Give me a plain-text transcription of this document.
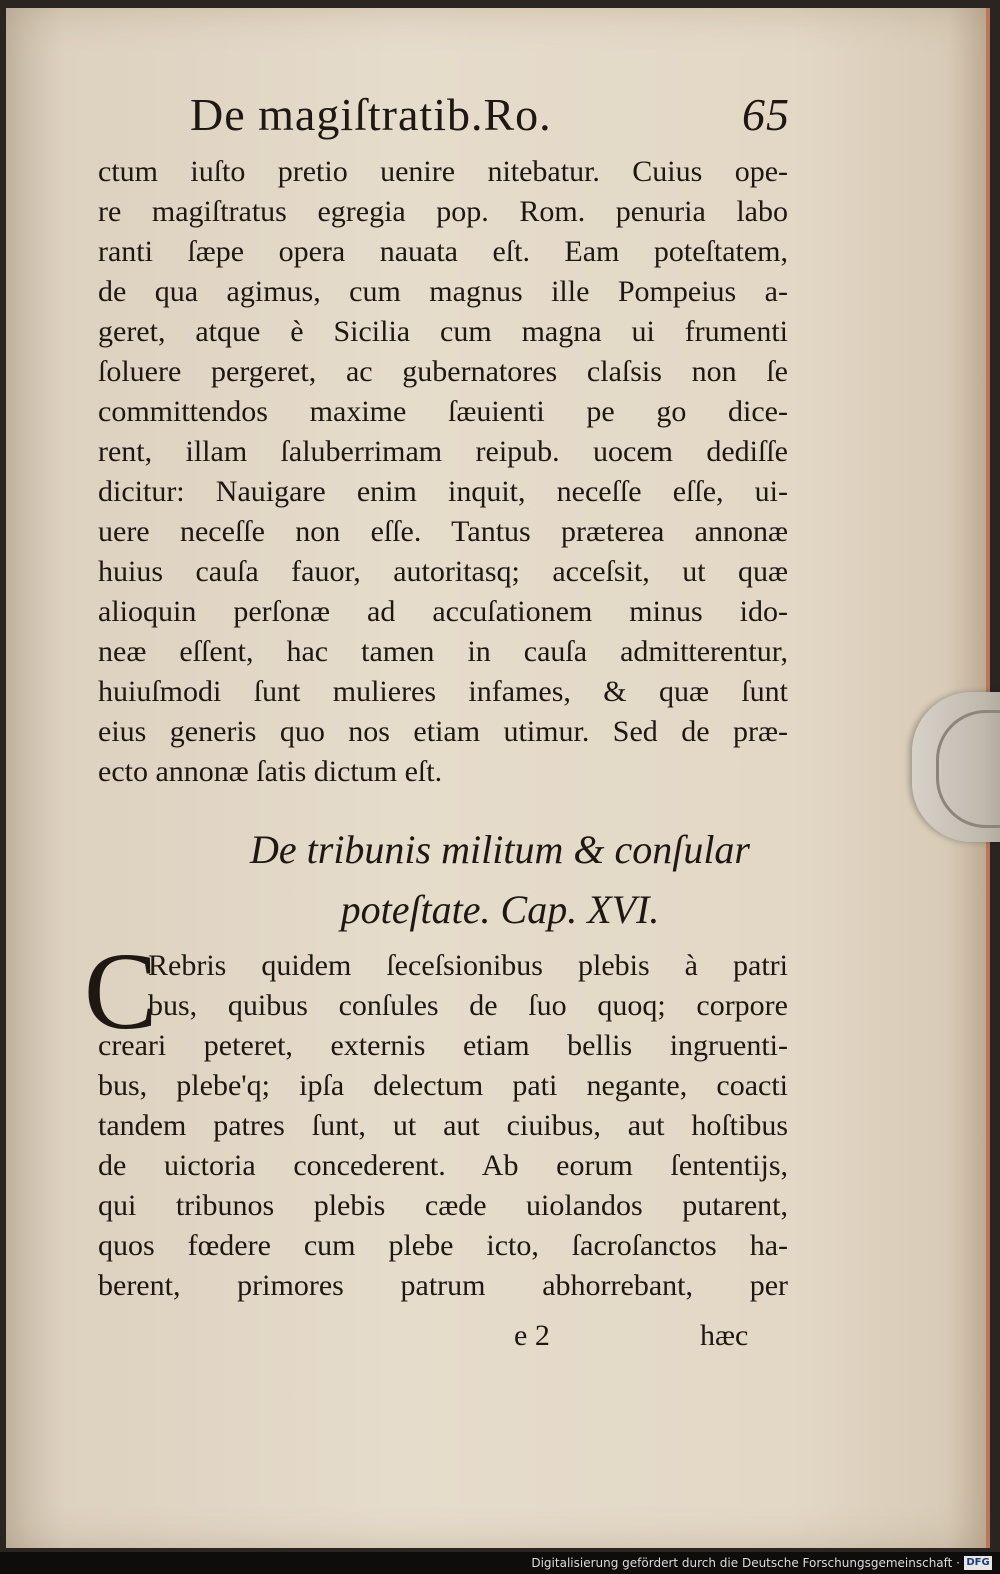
De magiſtratib.Ro.	65
ctum iuſto pretio uenire nitebatur. Cuius ope-
re magiſtratus egregia pop. Rom. penuria labo
ranti ſæpe opera nauata eſt. Eam poteſtatem,
de qua agimus, cum magnus ille Pompeius a-
geret, atque è Sicilia cum magna ui frumenti
ſoluere pergeret, ac gubernatores claſsis non ſe
committendos maxime ſæuienti pe go dice-
rent, illam ſaluberrimam reipub. uocem dediſſe
dicitur: Nauigare enim inquit, neceſſe eſſe, ui-
uere neceſſe non eſſe. Tantus præterea annonæ
huius cauſa fauor, autoritasq; acceſsit, ut quæ
alioquin perſonæ ad accuſationem minus ido-
neæ eſſent, hac tamen in cauſa admitterentur,
huiuſmodi ſunt mulieres infames, & quæ ſunt
eius generis quo nos etiam utimur. Sed de præ-
ecto annonæ ſatis dictum eſt.
De tribunis militum & conſular
poteſtate. Cap. XVI.
C
Rebris quidem ſeceſsionibus plebis à patri
bus, quibus conſules de ſuo quoq; corpore
creari peteret, externis etiam bellis ingruenti-
bus, plebe'q; ipſa delectum pati negante, coacti
tandem patres ſunt, ut aut ciuibus, aut hoſtibus
de uictoria concederent. Ab eorum ſententijs,
qui tribunos plebis cæde uiolandos putarent,
quos fœdere cum plebe icto, ſacroſanctos ha-
berent, primores patrum abhorrebant, per
e 2	hæc
Digitalisierung gefördert durch die Deutsche Forschungsgemeinschaft · DFG
